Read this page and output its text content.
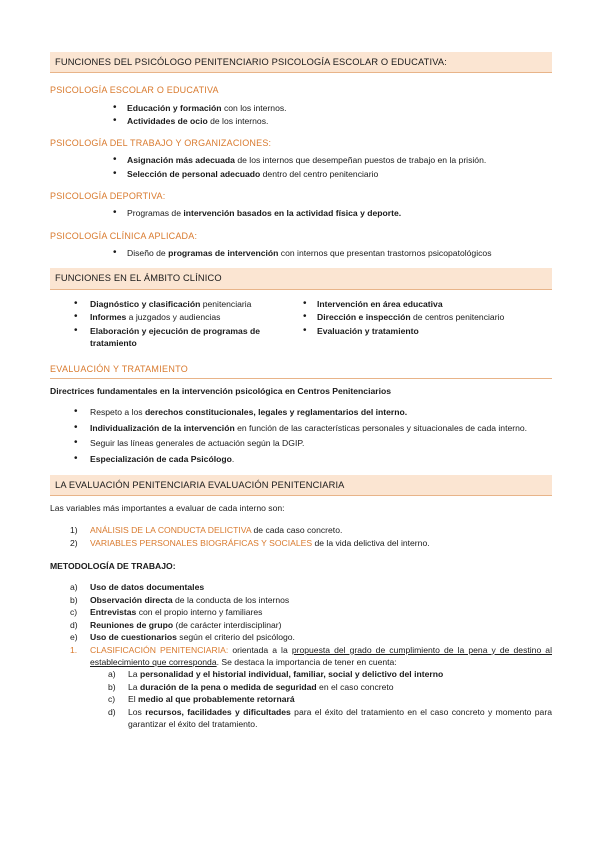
FUNCIONES DEL PSICÓLOGO PENITENCIARIO PSICOLOGÍA ESCOLAR O EDUCATIVA:
PSICOLOGÍA ESCOLAR O EDUCATIVA
• Educación y formación con los internos.
• Actividades de ocio de los internos.
PSICOLOGÍA DEL TRABAJO Y ORGANIZACIONES:
• Asignación más adecuada de los internos que desempeñan puestos de trabajo en la prisión.
• Selección de personal adecuado dentro del centro penitenciario
PSICOLOGÍA DEPORTIVA:
• Programas de intervención basados en la actividad física y deporte.
PSICOLOGÍA CLÍNICA APLICADA:
• Diseño de programas de intervención con internos que presentan trastornos psicopatológicos
FUNCIONES EN EL ÁMBITO CLÍNICO
• Diagnóstico y clasificación penitenciaria
• Informes a juzgados y audiencias
• Elaboración y ejecución de programas de tratamiento
• Intervención en área educativa
• Dirección e inspección de centros penitenciario
• Evaluación y tratamiento
EVALUACIÓN Y TRATAMIENTO
Directrices fundamentales en la intervención psicológica en Centros Penitenciarios
• Respeto a los derechos constitucionales, legales y reglamentarios del interno.
• Individualización de la intervención en función de las características personales y situacionales de cada interno.
• Seguir las líneas generales de actuación según la DGIP.
• Especialización de cada Psicólogo.
LA EVALUACIÓN PENITENCIARIA EVALUACIÓN PENITENCIARIA
Las variables más importantes a evaluar de cada interno son:
1) ANÁLISIS DE LA CONDUCTA DELICTIVA de cada caso concreto.
2) VARIABLES PERSONALES BIOGRÁFICAS Y SOCIALES de la vida delictiva del interno.
METODOLOGÍA DE TRABAJO:
a) Uso de datos documentales
b) Observación directa de la conducta de los internos
c) Entrevistas con el propio interno y familiares
d) Reuniones de grupo (de carácter interdisciplinar)
e) Uso de cuestionarios según el criterio del psicólogo.
1. CLASIFICACIÓN PENITENCIARIA: orientada a la propuesta del grado de cumplimiento de la pena y de destino al establecimiento que corresponda. Se destaca la importancia de tener en cuenta:
a) La personalidad y el historial individual, familiar, social y delictivo del interno
b) La duración de la pena o medida de seguridad en el caso concreto
c) El medio al que probablemente retornará
d) Los recursos, facilidades y dificultades para el éxito del tratamiento en el caso concreto y momento para garantizar el éxito del tratamiento.
